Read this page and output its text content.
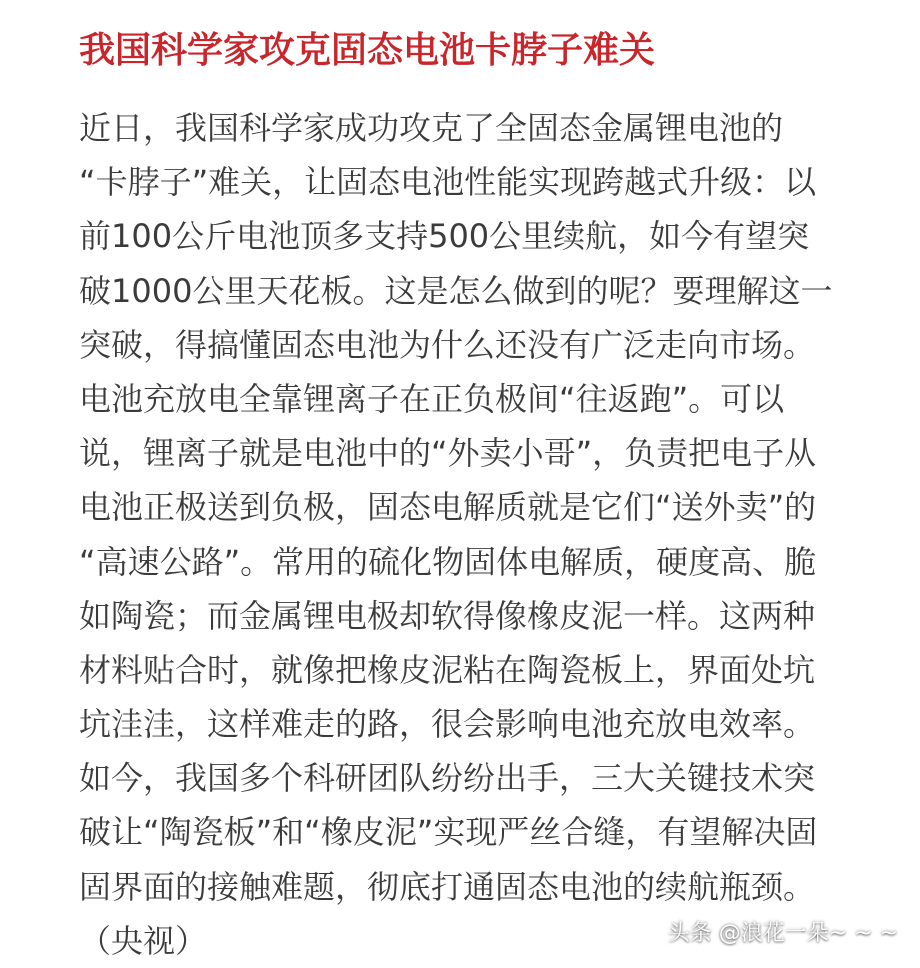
我国科学家攻克固态电池卡脖子难关
近日，我国科学家成功攻克了全固态金属锂电池的
“卡脖子”难关，让固态电池性能实现跨越式升级：以
前100公斤电池顶多支持500公里续航，如今有望突
破1000公里天花板。这是怎么做到的呢？要理解这一
突破，得搞懂固态电池为什么还没有广泛走向市场。
电池充放电全靠锂离子在正负极间“往返跑”。可以
说，锂离子就是电池中的“外卖小哥”，负责把电子从
电池正极送到负极，固态电解质就是它们“送外卖”的
“高速公路”。常用的硫化物固体电解质，硬度高、脆
如陶瓷；而金属锂电极却软得像橡皮泥一样。这两种
材料贴合时，就像把橡皮泥粘在陶瓷板上，界面处坑
坑洼洼，这样难走的路，很会影响电池充放电效率。
如今，我国多个科研团队纷纷出手，三大关键技术突
破让“陶瓷板”和“橡皮泥”实现严丝合缝，有望解决固
固界面的接触难题，彻底打通固态电池的续航瓶颈。
（央视）	头条 @浪花一朵~ ~ ~
